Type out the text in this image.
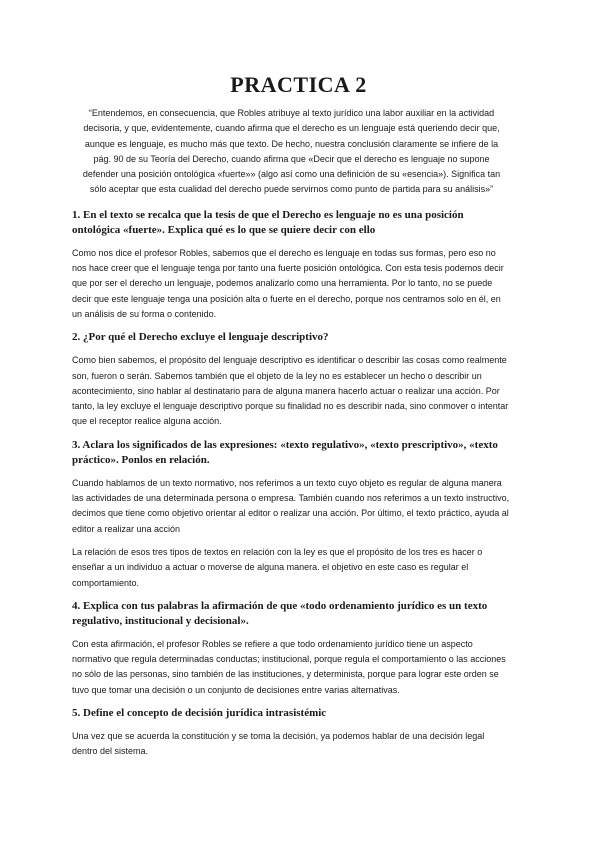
PRACTICA 2

“Entendemos, en consecuencia, que Robles atribuye al texto jurídico una labor auxiliar en la actividad decisoria, y que, evidentemente, cuando afirma que el derecho es un lenguaje está queriendo decir que, aunque es lenguaje, es mucho más que texto. De hecho, nuestra conclusión claramente se infiere de la pág. 90 de su Teoría del Derecho, cuando afirma que «Decir que el derecho es lenguaje no supone defender una posición ontológica «fuerte»» (algo así como una definición de su «esencia»). Significa tan sólo aceptar que esta cualidad del derecho puede servirnos como punto de partida para su análisis»”

1. En el texto se recalca que la tesis de que el Derecho es lenguaje no es una posición ontológica «fuerte». Explica qué es lo que se quiere decir con ello

Como nos dice el profesor Robles, sabemos que el derecho es lenguaje en todas sus formas, pero eso no nos hace creer que el lenguaje tenga por tanto una fuerte posición ontológica. Con esta tesis podemos decir que por ser el derecho un lenguaje, podemos analizarlo como una herramienta. Por lo tanto, no se puede decir que este lenguaje tenga una posición alta o fuerte en el derecho, porque nos centramos solo en él, en un análisis de su forma o contenido.

2. ¿Por qué el Derecho excluye el lenguaje descriptivo?

Como bien sabemos, el propósito del lenguaje descriptivo es identificar o describir las cosas como realmente son, fueron o serán. Sabemos también que el objeto de la ley no es establecer un hecho o describir un acontecimiento, sino hablar al destinatario para de alguna manera hacerlo actuar o realizar una acción. Por tanto, la ley excluye el lenguaje descriptivo porque su finalidad no es describir nada, sino conmover o intentar que el receptor realice alguna acción.

3. Aclara los significados de las expresiones: «texto regulativo», «texto prescriptivo», «texto práctico». Ponlos en relación.

Cuando hablamos de un texto normativo, nos referimos a un texto cuyo objeto es regular de alguna manera las actividades de una determinada persona o empresa. También cuando nos referimos a un texto instructivo, decimos que tiene como objetivo orientar al editor o realizar una acción. Por último, el texto práctico, ayuda al editor a realizar una acción

La relación de esos tres tipos de textos en relación con la ley es que el propósito de los tres es hacer o enseñar a un individuo a actuar o moverse de alguna manera. el objetivo en este caso es regular el comportamiento.

4. Explica con tus palabras la afirmación de que «todo ordenamiento jurídico es un texto regulativo, institucional y decisional».

Con esta afirmación, el profesor Robles se refiere a que todo ordenamiento jurídico tiene un aspecto normativo que regula determinadas conductas; institucional, porque regula el comportamiento o las acciones no sólo de las personas, sino también de las instituciones, y determinista, porque para lograr este orden se tuvo que tomar una decisión o un conjunto de decisiones entre varias alternativas.

5. Define el concepto de decisión jurídica intrasistémic

Una vez que se acuerda la constitución y se toma la decisión, ya podemos hablar de una decisión legal dentro del sistema.
